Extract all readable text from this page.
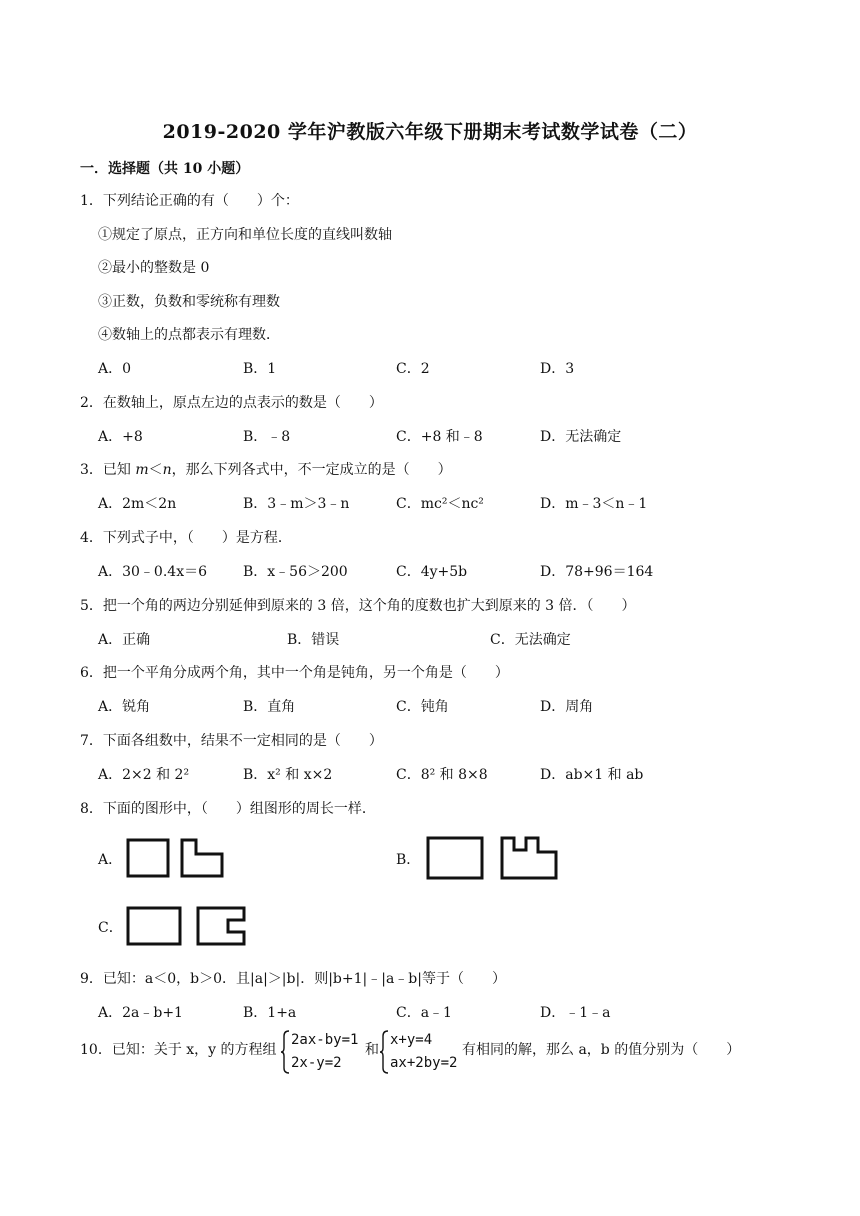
2019-2020 学年沪教版六年级下册期末考试数学试卷（二）
一．选择题（共 10 小题）
1．下列结论正确的有（　　）个：
①规定了原点，正方向和单位长度的直线叫数轴
②最小的整数是 0
③正数，负数和零统称有理数
④数轴上的点都表示有理数．
A．0	B．1	C．2	D．3
2．在数轴上，原点左边的点表示的数是（　　）
A．+8	B．﹣8	C．+8 和﹣8	D．无法确定
3．已知 m＜n，那么下列各式中，不一定成立的是（　　）
A．2m＜2n	B．3﹣m＞3﹣n	C．mc²＜nc²	D．m﹣3＜n﹣1
4．下列式子中，（　　）是方程．
A．30﹣0.4x＝6	B．x﹣56＞200	C．4y+5b	D．78+96＝164
5．把一个角的两边分别延伸到原来的 3 倍，这个角的度数也扩大到原来的 3 倍．（　　）
A．正确	B．错误	C．无法确定
6．把一个平角分成两个角，其中一个角是钝角，另一个角是（　　）
A．锐角	B．直角	C．钝角	D．周角
7．下面各组数中，结果不一定相同的是（　　）
A．2×2 和 2²	B．x² 和 x×2	C．8² 和 8×8	D．ab×1 和 ab
8．下面的图形中，（　　）组图形的周长一样．
A．	B．
C．
9．已知：a＜0，b＞0．且|a|＞|b|．则|b+1|﹣|a﹣b|等于（　　）
A．2a﹣b+1	B．1+a	C．a﹣1	D．﹣1﹣a
10．已知：关于 x，y 的方程组
2ax-by=1
2x-y=2
和
x+y=4
ax+2by=2
有相同的解，那么 a，b 的值分别为（　　）
